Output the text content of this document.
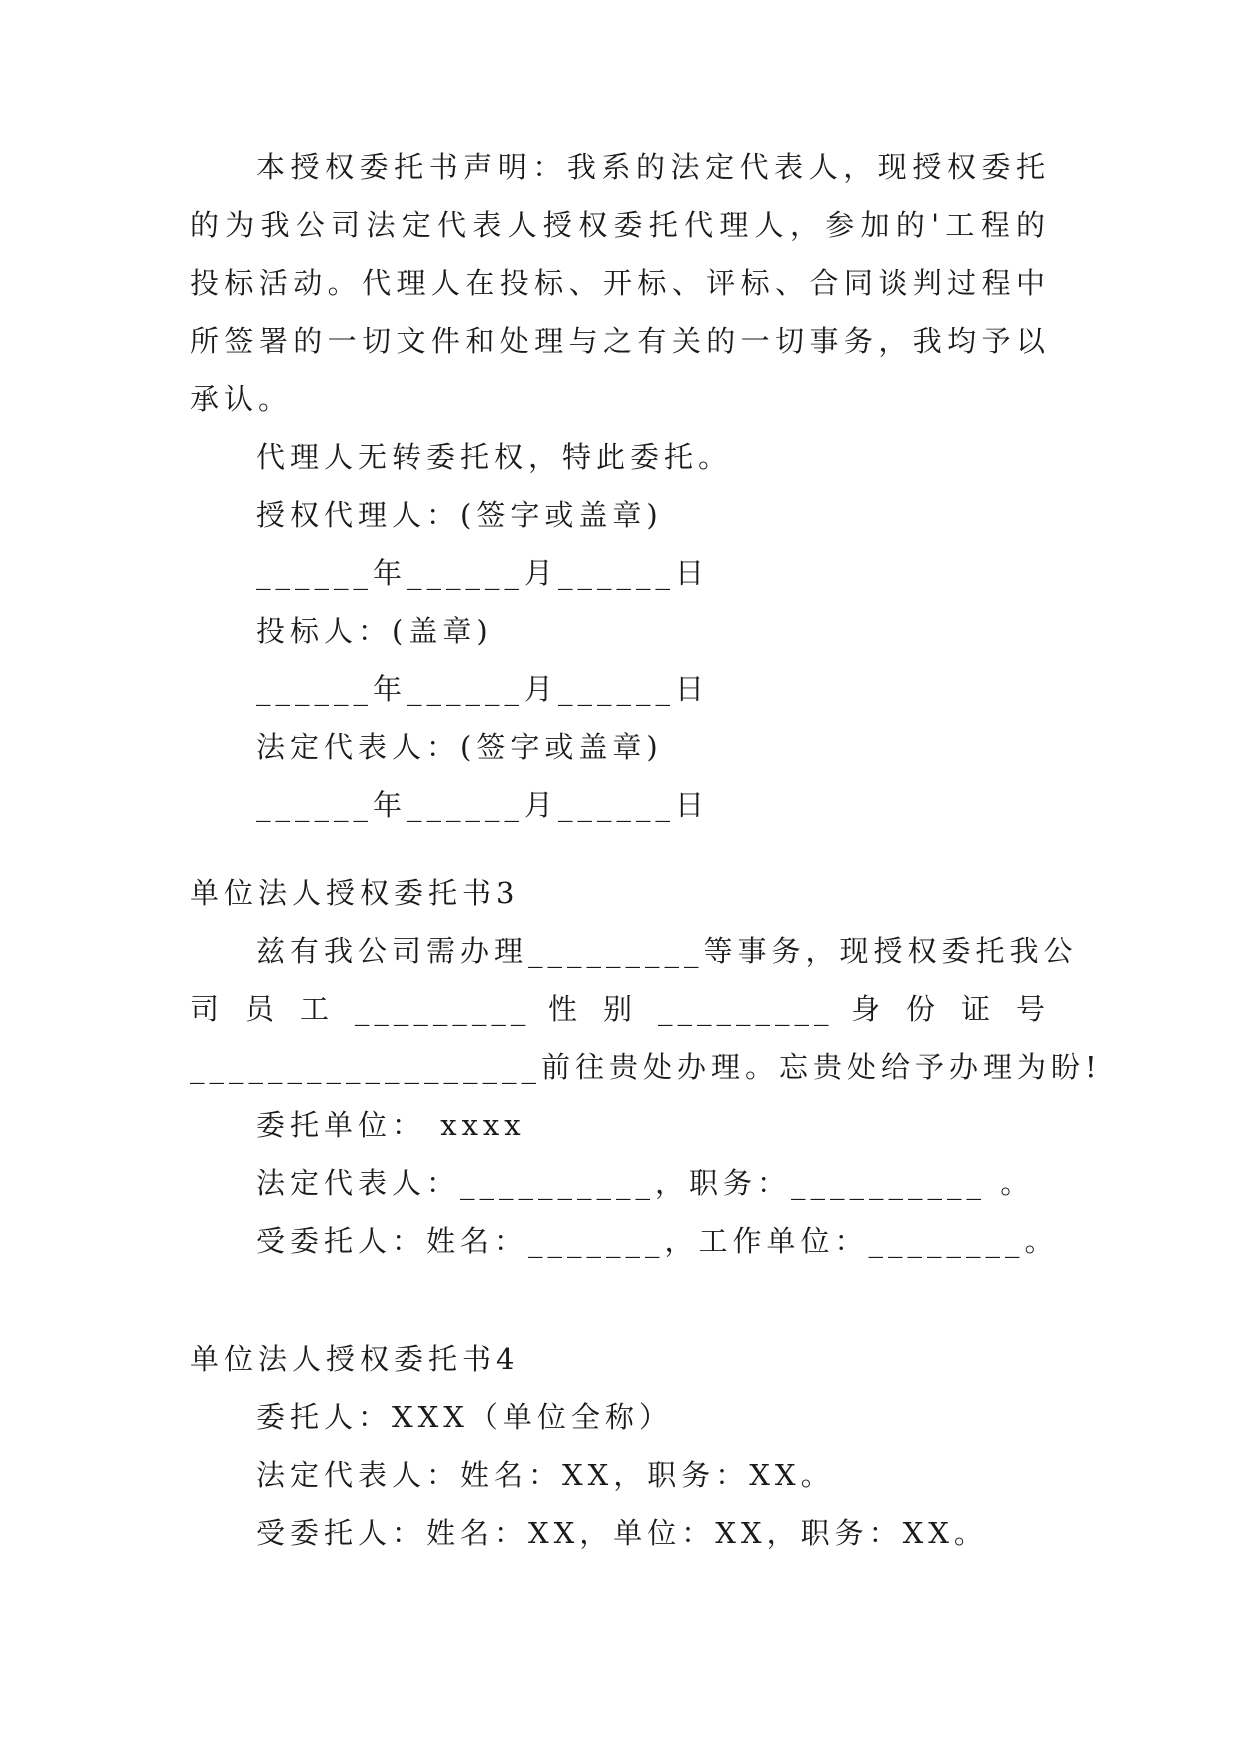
本授权委托书声明：我系的法定代表人，现授权委托的为我公司法定代表人授权委托代理人，参加的'工程的投标活动。代理人在投标、开标、评标、合同谈判过程中所签署的一切文件和处理与之有关的一切事务，我均予以承认。

代理人无转委托权，特此委托。

授权代理人：(签字或盖章)

______年______月______日

投标人：(盖章)

______年______月______日

法定代表人：(签字或盖章)

______年______月______日

单位法人授权委托书3

兹有我公司需办理_________等事务，现授权委托我公

司 员 工 _________ 性 别 _________ 身 份 证 号

__________________前往贵处办理。忘贵处给予办理为盼!

委托单位： xxxx

法定代表人：__________，职务：__________ 。

受委托人：姓名：_______，工作单位：________。

单位法人授权委托书4

委托人：XXX（单位全称）

法定代表人：姓名：XX，职务：XX。

受委托人：姓名：XX，单位：XX，职务：XX。
